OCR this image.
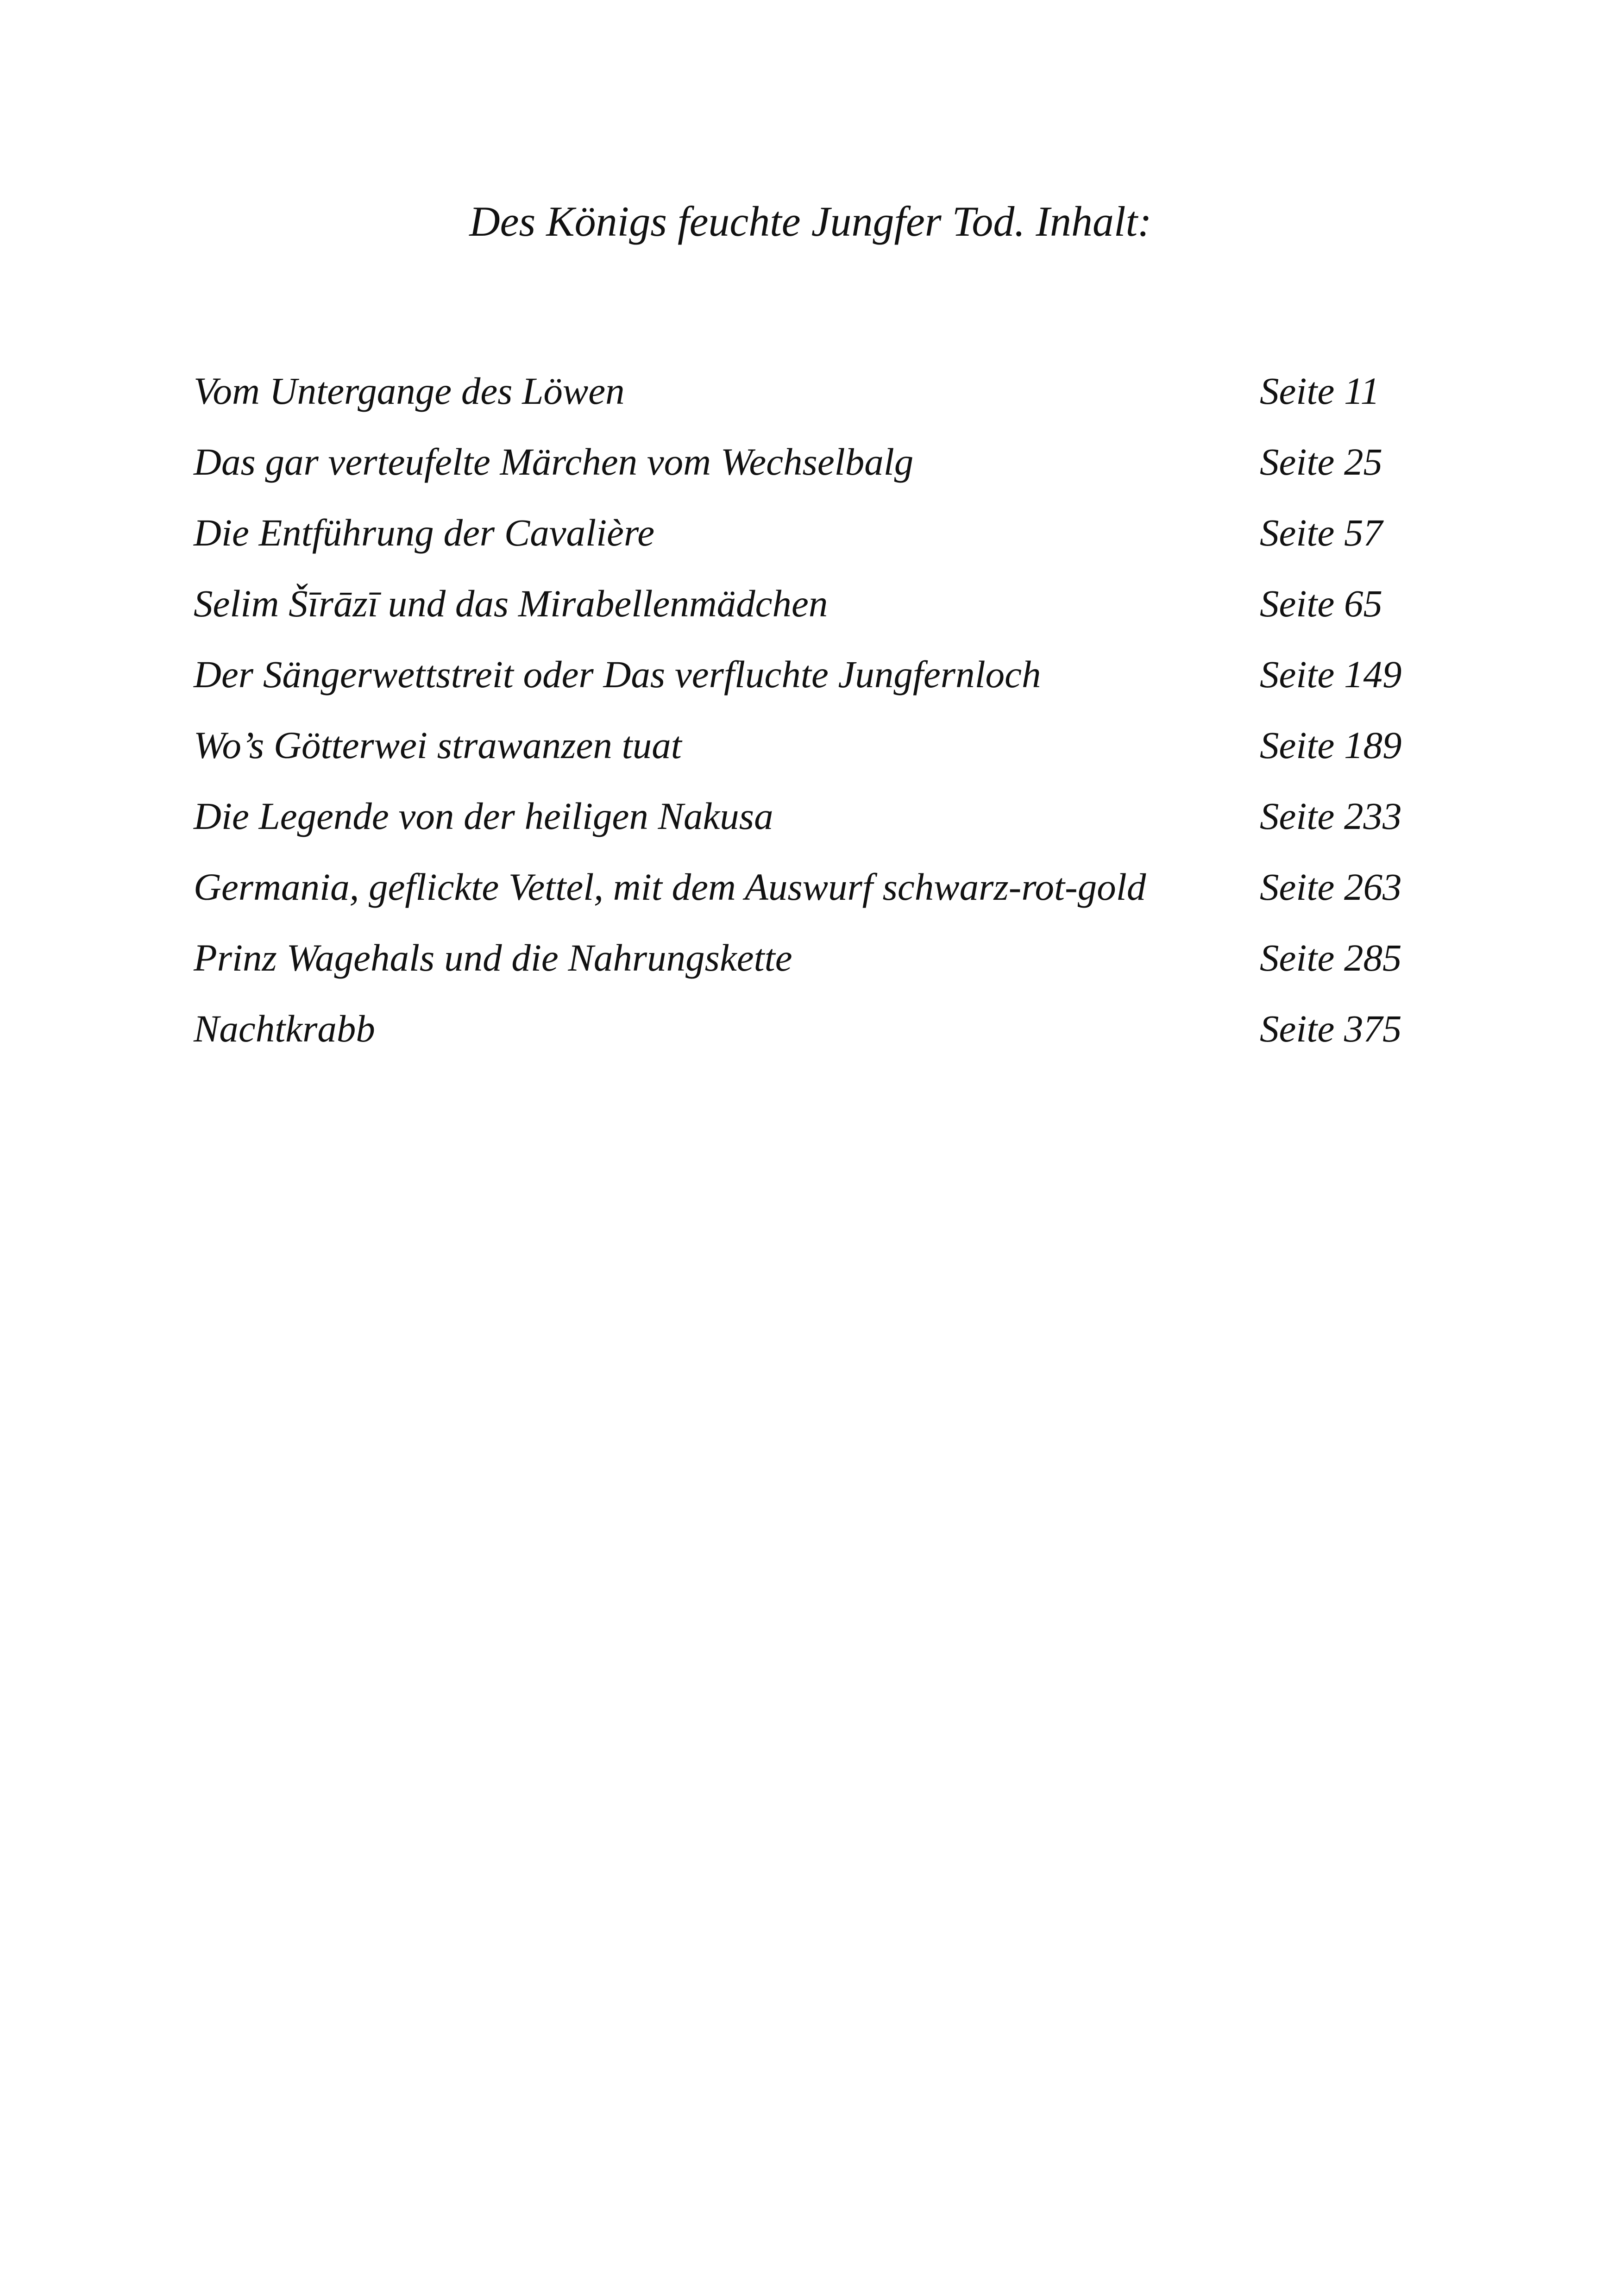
Des Königs feuchte Jungfer Tod. Inhalt:
Vom Untergange des Löwen	Seite 11
Das gar verteufelte Märchen vom Wechselbalg	Seite 25
Die Entführung der Cavalière	Seite 57
Selim Šīrāzī und das Mirabellenmädchen	Seite 65
Der Sängerwettstreit oder Das verfluchte Jungfernloch	Seite 149
Wo’s Götterwei strawanzen tuat	Seite 189
Die Legende von der heiligen Nakusa	Seite 233
Germania, geflickte Vettel, mit dem Auswurf schwarz-rot-gold	Seite 263
Prinz Wagehals und die Nahrungskette	Seite 285
Nachtkrabb	Seite 375
